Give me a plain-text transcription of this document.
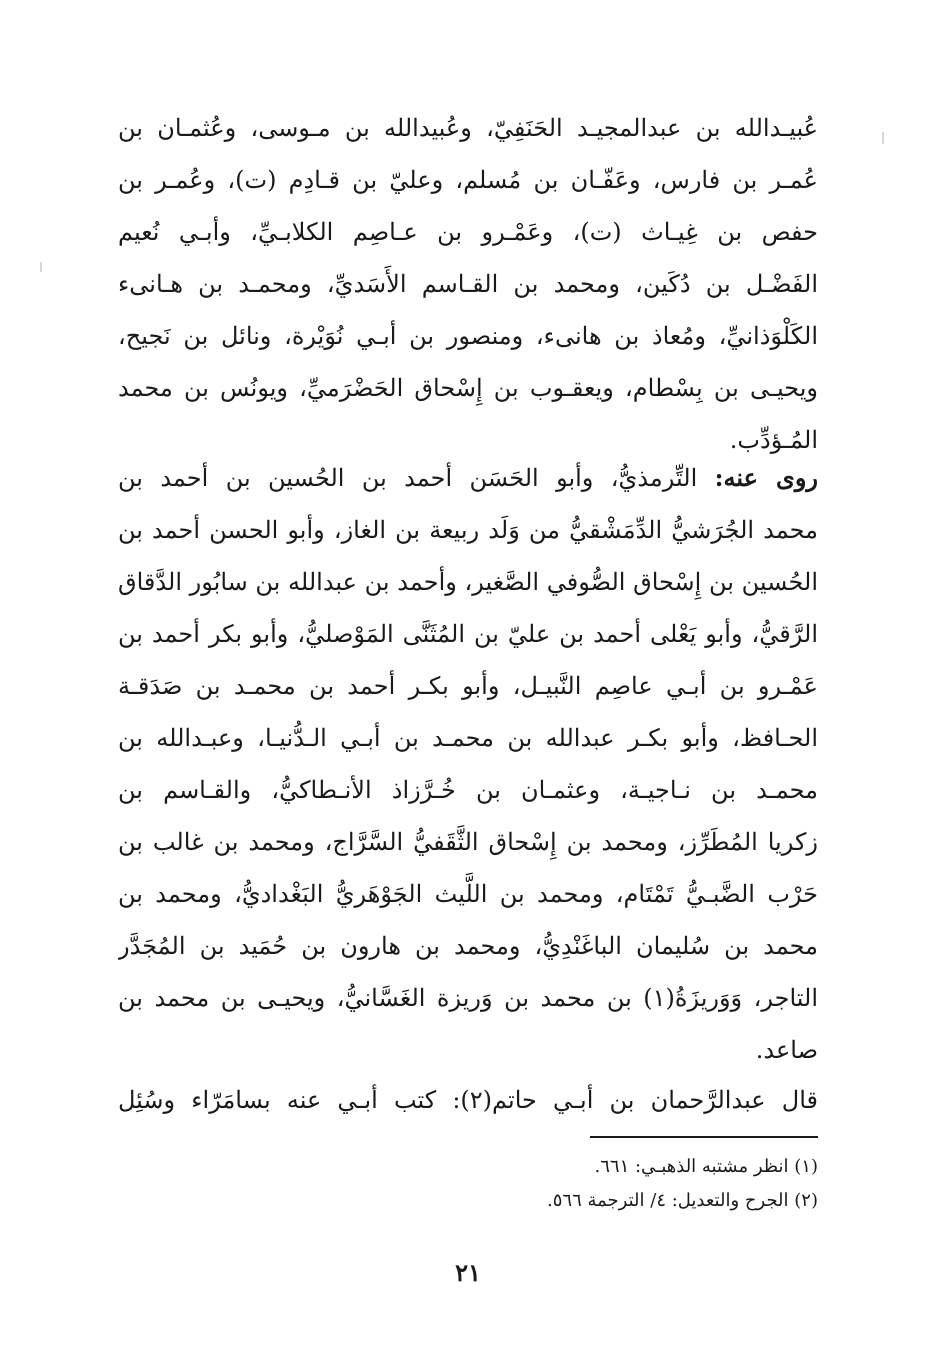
عُبيـدالله بن عبدالمجيـد الحَنَفِيّ، وعُبيدالله بن مـوسى، وعُثمـان بن
عُمـر بن فارس، وعَفّـان بن مُسلم، وعليّ بن قـادِم (ت)، وعُمـر بن
حفص بن غِيـاث (ت)، وعَمْـرو بن عـاصِم الكلابـيِّ، وأبـي نُعيم
الفَضْـل بن دُكَين، ومحمد بن القـاسم الأَسَديِّ، ومحمـد بن هـانىء
الكَلْوَذانيِّ، ومُعاذ بن هانىء، ومنصور بن أبـي نُوَيْرة، ونائل بن نَجيح،
ويحيـى بن بِسْطام، ويعقـوب بن إِسْحاق الحَضْرَميِّ، ويونُس بن محمد
المُـؤدِّب.
روى عنه: التِّرمذيُّ، وأبو الحَسَن أحمد بن الحُسين بن أحمد بن
محمد الجُرَشيُّ الدِّمَشْقيُّ من وَلَد ربيعة بن الغاز، وأبو الحسن أحمد بن
الحُسين بن إِسْحاق الصُّوفي الصَّغير، وأحمد بن عبدالله بن سابُور الدَّقاق
الرَّقيُّ، وأبو يَعْلى أحمد بن عليّ بن المُثَنَّى المَوْصليُّ، وأبو بكر أحمد بن
عَمْـرو بن أبـي عاصِم النَّبيـل، وأبو بكـر أحمد بن محمـد بن صَدَقـة
الحـافظ، وأبو بكـر عبدالله بن محمـد بن أبـي الـدُّنيـا، وعبـدالله بن
محمـد بن نـاجيـة، وعثمـان بن خُـرَّزاذ الأنـطاكيُّ، والقـاسم بن
زكريا المُطَرِّز، ومحمد بن إِسْحاق الثَّقَفيُّ السَّرَّاج، ومحمد بن غالب بن
حَرْب الضَّبـيُّ تَمْتَام، ومحمد بن اللَّيث الجَوْهَريُّ البَغْداديُّ، ومحمد بن
محمد بن سُليمان الباغَنْدِيُّ، ومحمد بن هارون بن حُمَيد بن المُجَدَّر
التاجر، وَوَريزَةُ(١) بن محمد بن وَريزة الغَسَّانيُّ، ويحيـى بن محمد بن
صاعد.
قال عبدالرَّحمان بن أبـي حاتم(٢): كتب أبـي عنه بسامَرّاء وسُئِل
(١) انظر مشتبه الذهبـي: ٦٦١.
(٢) الجرح والتعديل: ٤/ الترجمة ٥٦٦.
٢١
